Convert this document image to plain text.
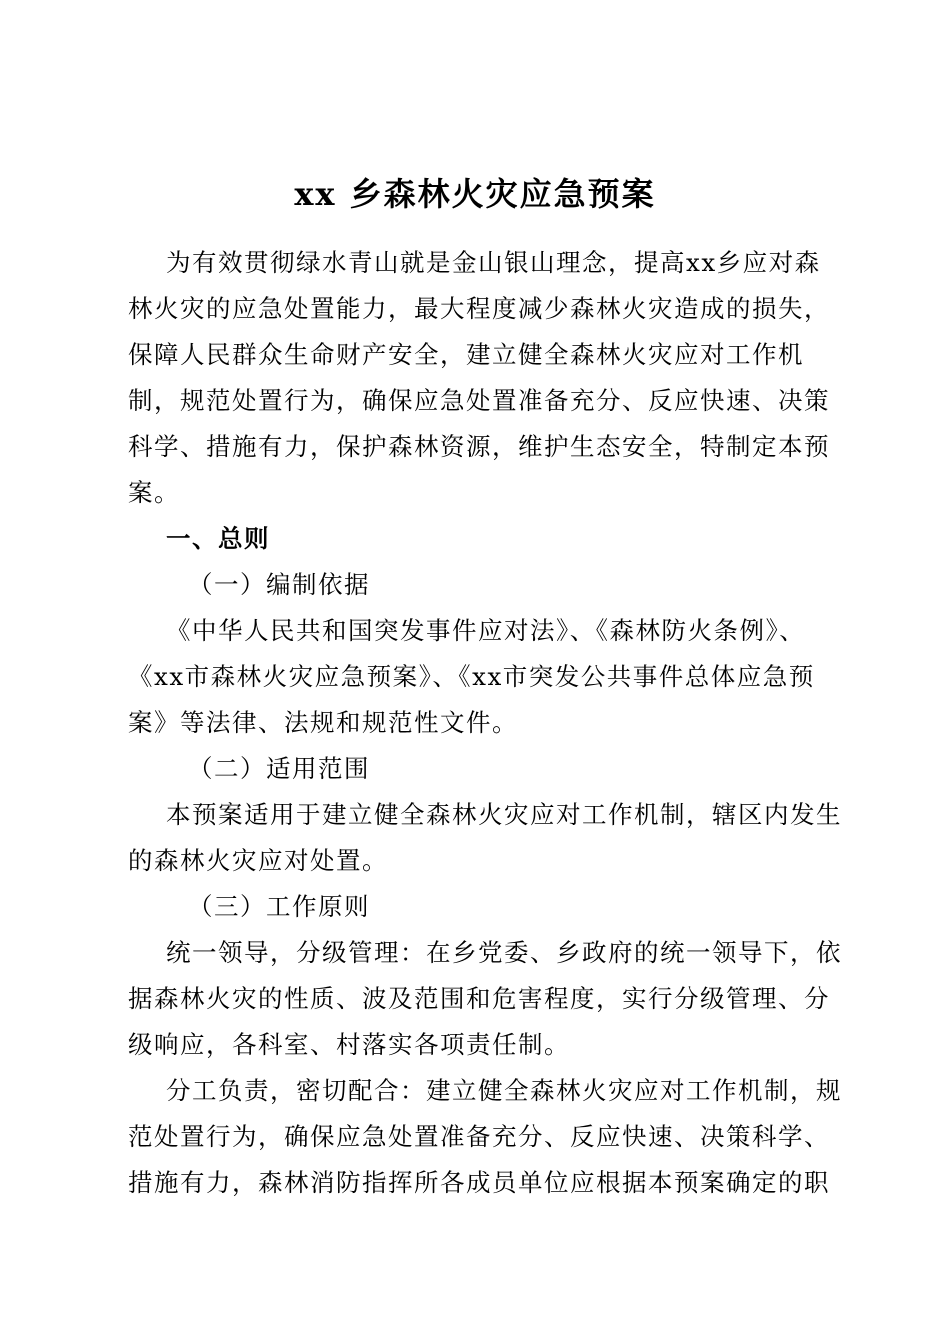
xx 乡森林火灾应急预案
为有效贯彻绿水青山就是金山银山理念，提高xx乡应对森
林火灾的应急处置能力，最大程度减少森林火灾造成的损失，
保障人民群众生命财产安全，建立健全森林火灾应对工作机
制，规范处置行为，确保应急处置准备充分、反应快速、决策
科学、措施有力，保护森林资源，维护生态安全，特制定本预
案。
一、总则
（一）编制依据
《中华人民共和国突发事件应对法》、《森林防火条例》、
《xx市森林火灾应急预案》、《xx市突发公共事件总体应急预
案》等法律、法规和规范性文件。
（二）适用范围
本预案适用于建立健全森林火灾应对工作机制，辖区内发生
的森林火灾应对处置。
（三）工作原则
统一领导，分级管理：在乡党委、乡政府的统一领导下，依
据森林火灾的性质、波及范围和危害程度，实行分级管理、分
级响应，各科室、村落实各项责任制。
分工负责，密切配合：建立健全森林火灾应对工作机制，规
范处置行为，确保应急处置准备充分、反应快速、决策科学、
措施有力，森林消防指挥所各成员单位应根据本预案确定的职
